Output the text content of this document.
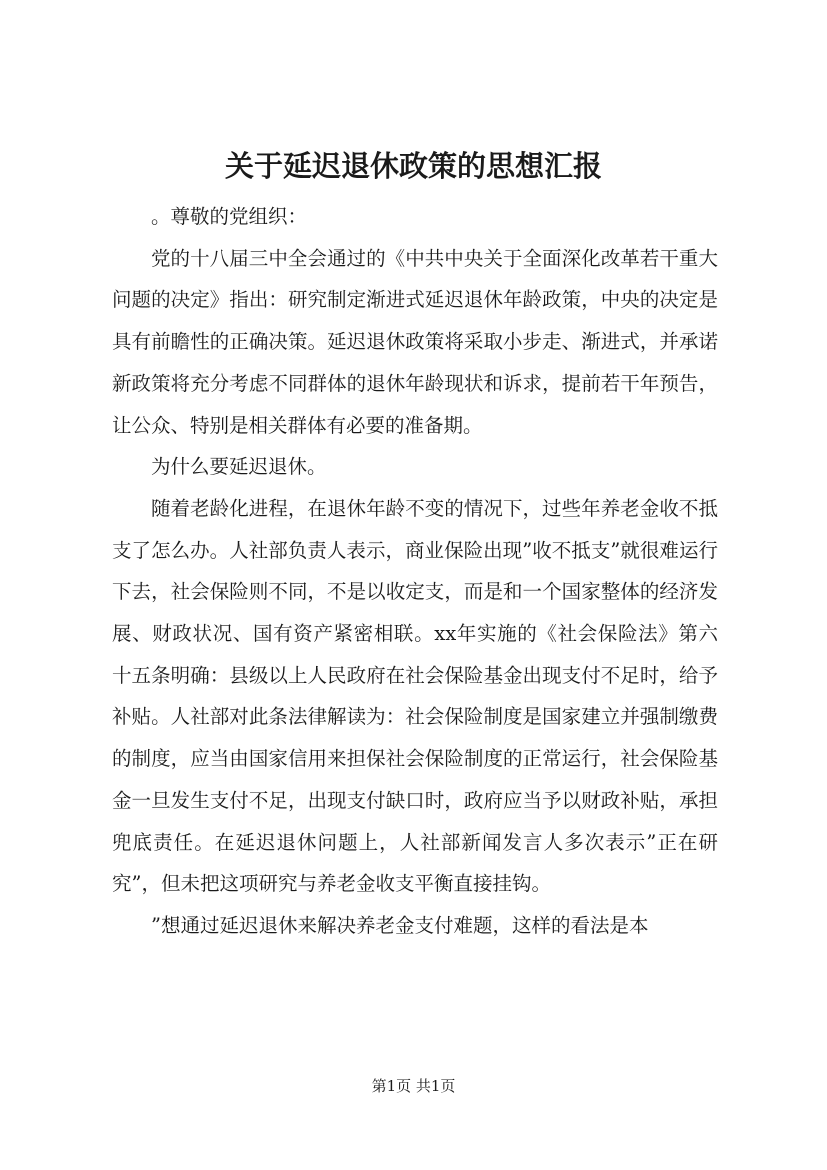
关于延迟退休政策的思想汇报

。尊敬的党组织：

党的十八届三中全会通过的《中共中央关于全面深化改革若干重大问题的决定》指出：研究制定渐进式延迟退休年龄政策，中央的决定是具有前瞻性的正确决策。延迟退休政策将采取小步走、渐进式，并承诺新政策将充分考虑不同群体的退休年龄现状和诉求，提前若干年预告，让公众、特别是相关群体有必要的准备期。

为什么要延迟退休。

随着老龄化进程，在退休年龄不变的情况下，过些年养老金收不抵支了怎么办。人社部负责人表示，商业保险出现”收不抵支”就很难运行下去，社会保险则不同，不是以收定支，而是和一个国家整体的经济发展、财政状况、国有资产紧密相联。xx年实施的《社会保险法》第六十五条明确：县级以上人民政府在社会保险基金出现支付不足时，给予补贴。人社部对此条法律解读为：社会保险制度是国家建立并强制缴费的制度，应当由国家信用来担保社会保险制度的正常运行，社会保险基金一旦发生支付不足，出现支付缺口时，政府应当予以财政补贴，承担兜底责任。在延迟退休问题上，人社部新闻发言人多次表示”正在研究”，但未把这项研究与养老金收支平衡直接挂钩。

”想通过延迟退休来解决养老金支付难题，这样的看法是本

第1页 共1页
